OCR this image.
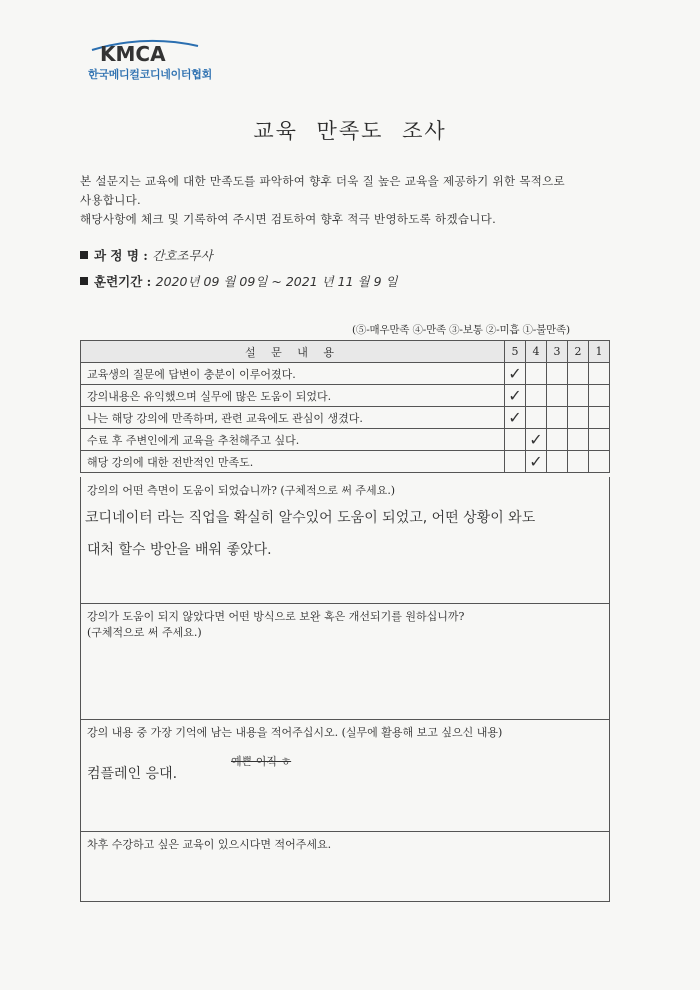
KMCA
한국메디컬코디네이터협회
교육 만족도 조사
본 설문지는 교육에 대한 만족도를 파악하여 향후 더욱 질 높은 교육을 제공하기 위한 목적으로
사용합니다.
해당사항에 체크 및 기록하여 주시면 검토하여 향후 적극 반영하도록 하겠습니다.
과 정 명 : 간호조무사
훈련기간 : 2020년 09 월 09일 ~ 2021 년 11 월 9 일
(⑤-매우만족 ④-만족 ③-보통 ②-미흡 ①-불만족)
설 문 내 용	5	4	3	2	1
교육생의 질문에 답변이 충분이 이루어졌다.	✓				
강의내용은 유익했으며 실무에 많은 도움이 되었다.	✓				
나는 해당 강의에 만족하며, 관련 교육에도 관심이 생겼다.	✓				
수료 후 주변인에게 교육을 추천해주고 싶다.		✓			
해당 강의에 대한 전반적인 만족도.		✓			
강의의 어떤 측면이 도움이 되었습니까? (구체적으로 써 주세요.)
코디네이터 라는 직업을 확실히 알수있어 도움이 되었고, 어떤 상황이 와도
대처 할수 방안을 배워 좋았다.
강의가 도움이 되지 않았다면 어떤 방식으로 보완 혹은 개선되기를 원하십니까?
(구체적으로 써 주세요.)
강의 내용 중 가장 기억에 남는 내용을 적어주십시오. (실무에 활용해 보고 싶으신 내용)
예쁜 이직 ㅎ
컴플레인 응대.
차후 수강하고 싶은 교육이 있으시다면 적어주세요.
